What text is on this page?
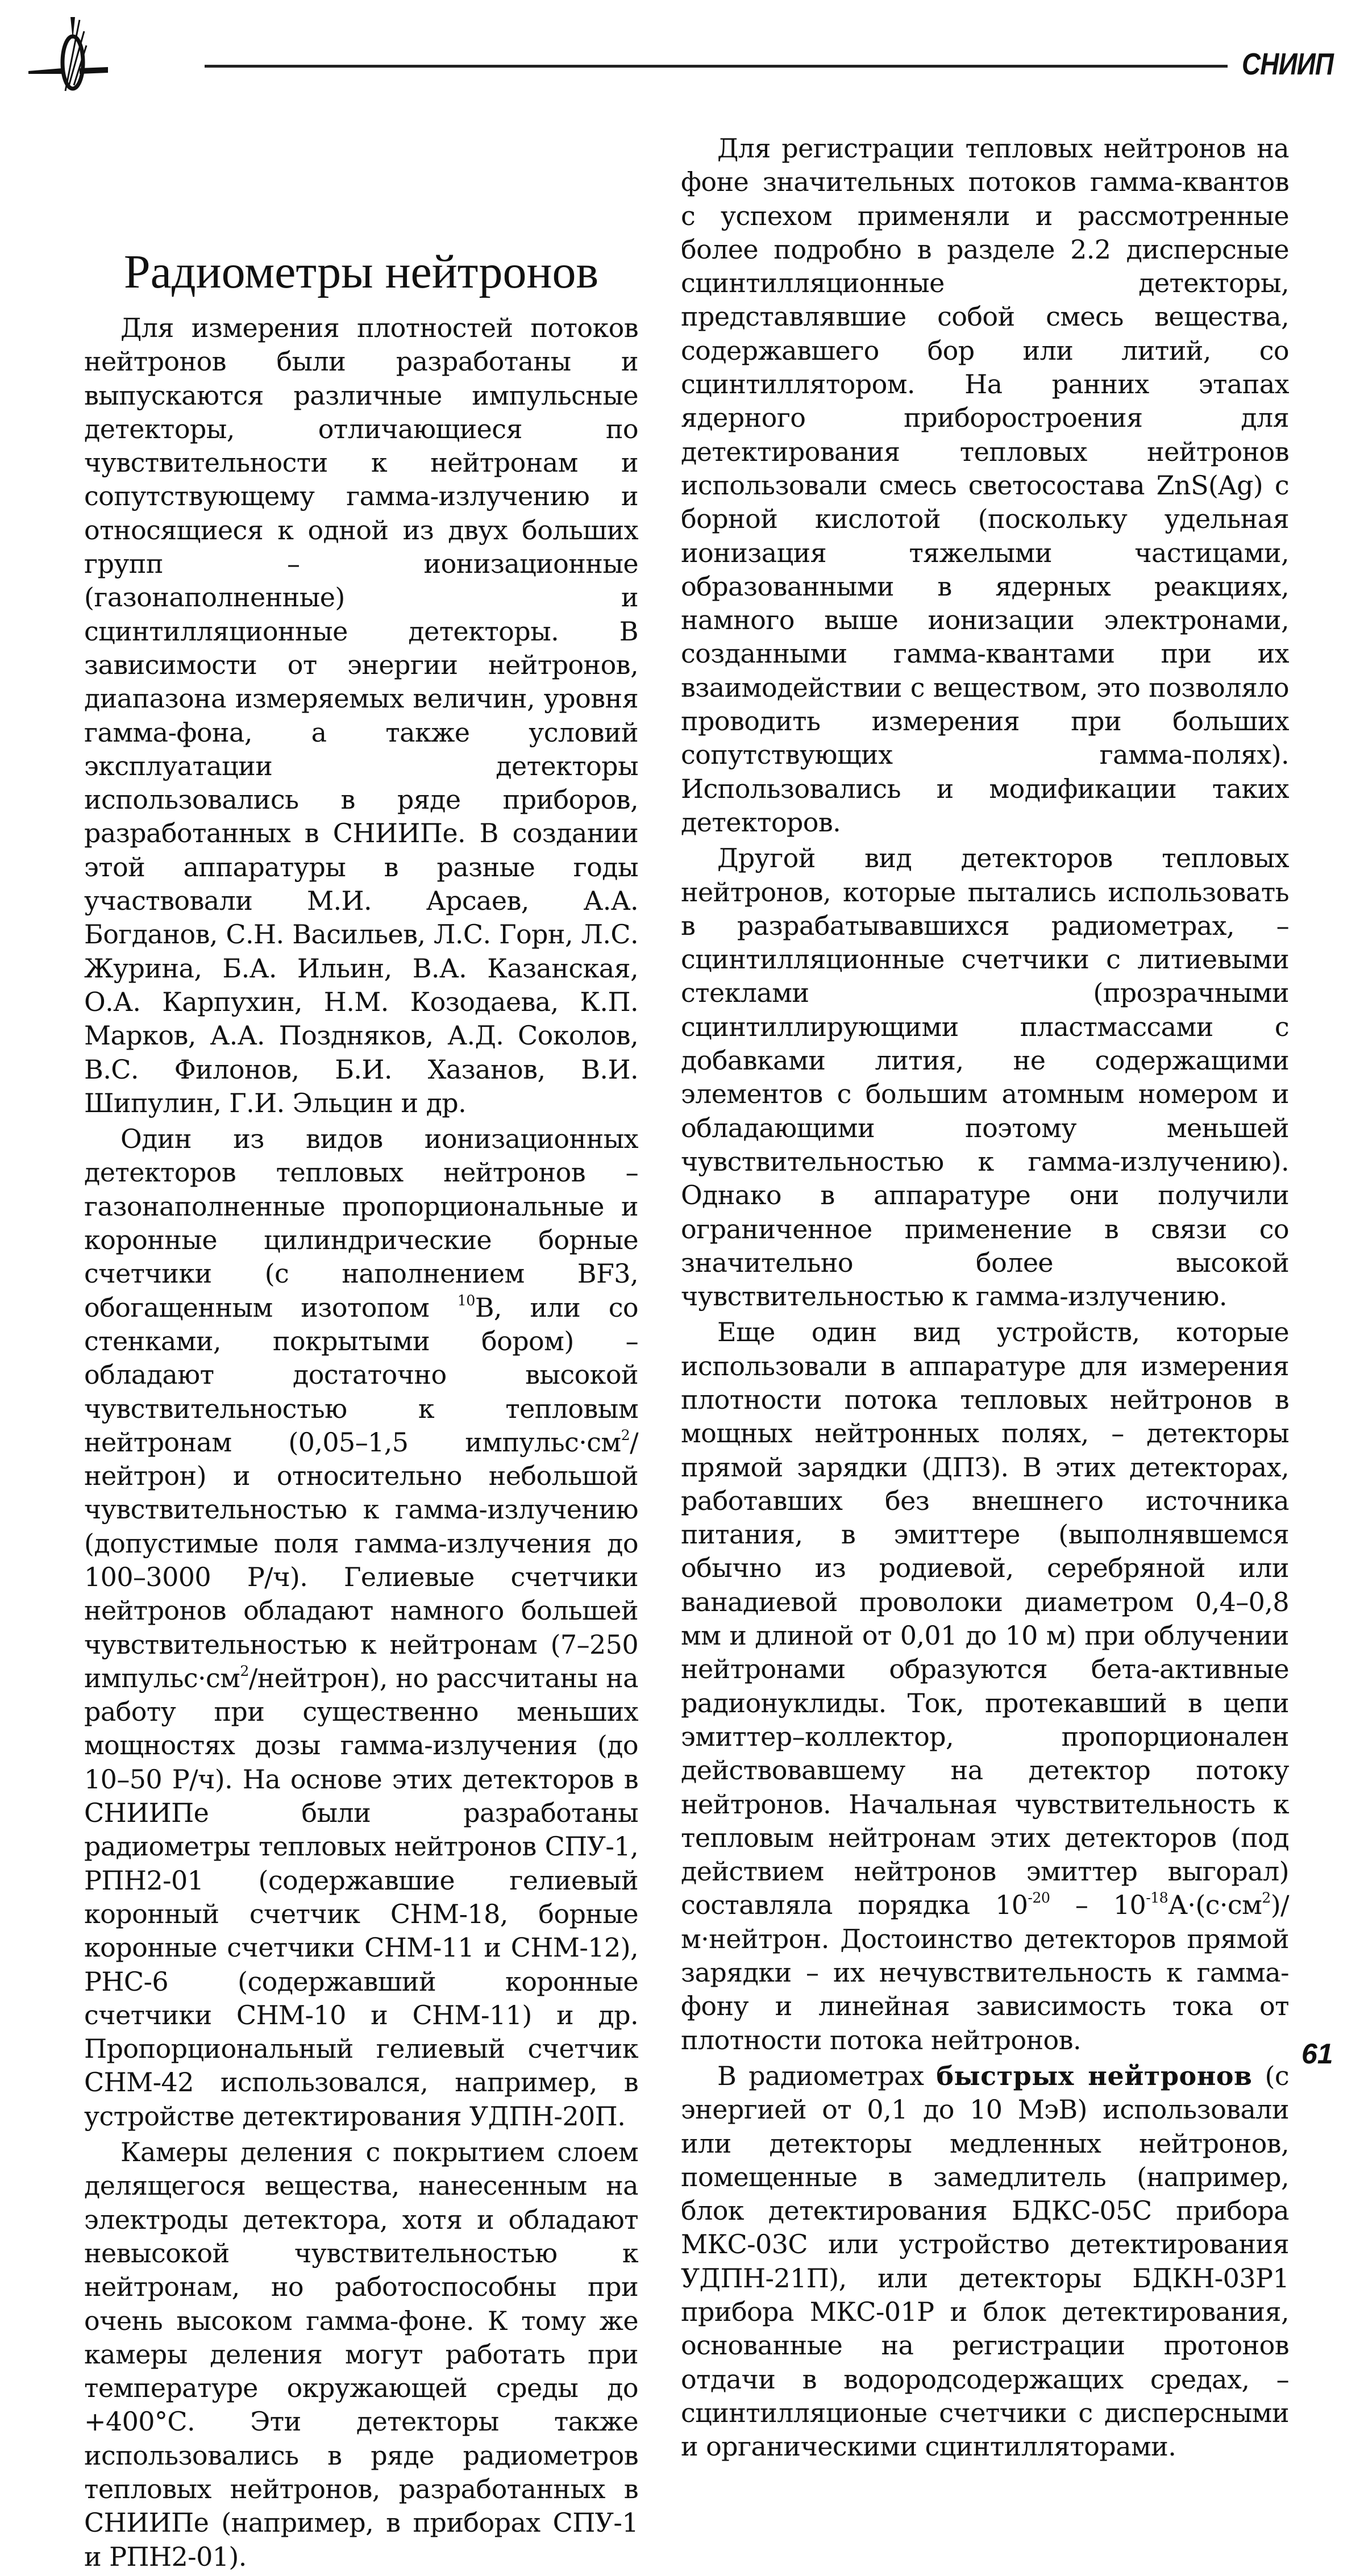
СНИИП
Радиометры нейтронов

Для измерения плотностей потоков нейтронов были разработаны и выпускаются различные импульсные детекторы, отличающиеся по чувствительности к нейтронам и сопутствующему гамма-излучению и относящиеся к одной из двух больших групп – ионизационные (газонаполненные) и сцинтилляционные детекторы. В зависимости от энергии нейтронов, диапазона измеряемых величин, уровня гамма-фона, а также условий эксплуатации детекторы использовались в ряде приборов, разработанных в СНИИПе. В создании этой аппаратуры в разные годы участвовали М.И. Арсаев, А.А. Богданов, С.Н. Васильев, Л.С. Горн, Л.С. Журина, Б.А. Ильин, В.А. Казанская, О.А. Карпухин, Н.М. Козодаева, К.П. Марков, А.А. Поздняков, А.Д. Соколов, В.С. Филонов, Б.И. Хазанов, В.И. Шипулин, Г.И. Эльцин и др.

Один из видов ионизационных детекторов тепловых нейтронов – газонаполненные пропорциональные и коронные цилиндрические борные счетчики (с наполнением BF3, обогащенным изотопом $^{10}$B, или со стенками, покрытыми бором) – обладают достаточно высокой чувствительностью к тепловым нейтронам (0,05–1,5 $импульс\cdot см^2/нейтрон$) и относительно небольшой чувствительностью к гамма-излучению (допустимые поля гамма-излучения до 100–3000 Р/ч). Гелиевые счетчики нейтронов обладают намного большей чувствительностью к нейтронам (7–250 $импульс\cdot см^2/нейтрон$), но рассчитаны на работу при существенно меньших мощностях дозы гамма-излучения (до 10–50 Р/ч). На основе этих детекторов в СНИИПе были разработаны радиометры тепловых нейтронов СПУ-1, РПН2-01 (содержавшие гелиевый коронный счетчик СНМ-18, борные коронные счетчики СНМ-11 и СНМ-12), РНС-6 (содержавший коронные счетчики СНМ-10 и СНМ-11) и др. Пропорциональный гелиевый счетчик СНМ-42 использовался, например, в устройстве детектирования УДПН-20П.

Камеры деления с покрытием слоем делящегося вещества, нанесенным на электроды детектора, хотя и обладают невысокой чувствительностью к нейтронам, но работоспособны при очень высоком гамма-фоне. К тому же камеры деления могут работать при температуре окружающей среды до +400°С. Эти детекторы также использовались в ряде радиометров тепловых нейтронов, разработанных в СНИИПе (например, в приборах СПУ-1 и РПН2-01).

Для регистрации тепловых нейтронов на фоне значительных потоков гамма-квантов с успехом применяли и рассмотренные более подробно в разделе 2.2 дисперсные сцинтилляционные детекторы, представлявшие собой смесь вещества, содержавшего бор или литий, со сцинтиллятором. На ранних этапах ядерного приборостроения для детектирования тепловых нейтронов использовали смесь светосостава ZnS(Ag) с борной кислотой (поскольку удельная ионизация тяжелыми частицами, образованными в ядерных реакциях, намного выше ионизации электронами, созданными гамма-квантами при их взаимодействии с веществом, это позволяло проводить измерения при больших сопутствующих гамма-полях). Использовались и модификации таких детекторов.

Другой вид детекторов тепловых нейтронов, которые пытались использовать в разрабатывавшихся радиометрах, – сцинтилляционные счетчики с литиевыми стеклами (прозрачными сцинтиллирующими пластмассами с добавками лития, не содержащими элементов с большим атомным номером и обладающими поэтому меньшей чувствительностью к гамма-излучению). Однако в аппаратуре они получили ограниченное применение в связи со значительно более высокой чувствительностью к гамма-излучению.

Еще один вид устройств, которые использовали в аппаратуре для измерения плотности потока тепловых нейтронов в мощных нейтронных полях, – детекторы прямой зарядки (ДПЗ). В этих детекторах, работавших без внешнего источника питания, в эмиттере (выполнявшемся обычно из родиевой, серебряной или ванадиевой проволоки диаметром 0,4–0,8 мм и длиной от 0,01 до 10 м) при облучении нейтронами образуются бета-активные радионуклиды. Ток, протекавший в цепи эмиттер–коллектор, пропорционален действовавшему на детектор потоку нейтронов. Начальная чувствительность к тепловым нейтронам этих детекторов (под действием нейтронов эмиттер выгорал) составляла порядка $10^{-20}$ – $10^{-18}А\cdot(с\cdot см^2)/м\cdot нейтрон$. Достоинство детекторов прямой зарядки – их нечувствительность к гамма-фону и линейная зависимость тока от плотности потока нейтронов.

В радиометрах быстрых нейтронов (с энергией от 0,1 до 10 МэВ) использовали или детекторы медленных нейтронов, помещенные в замедлитель (например, блок детектирования БДКС-05С прибора МКС-03С или устройство детектирования УДПН-21П), или детекторы БДКН-03Р1 прибора МКС-01Р и блок детектирования, основанные на регистрации протонов отдачи в водородсодержащих средах, – сцинтилляционые счетчики с дисперсными и органическими сцинтилляторами.

61
